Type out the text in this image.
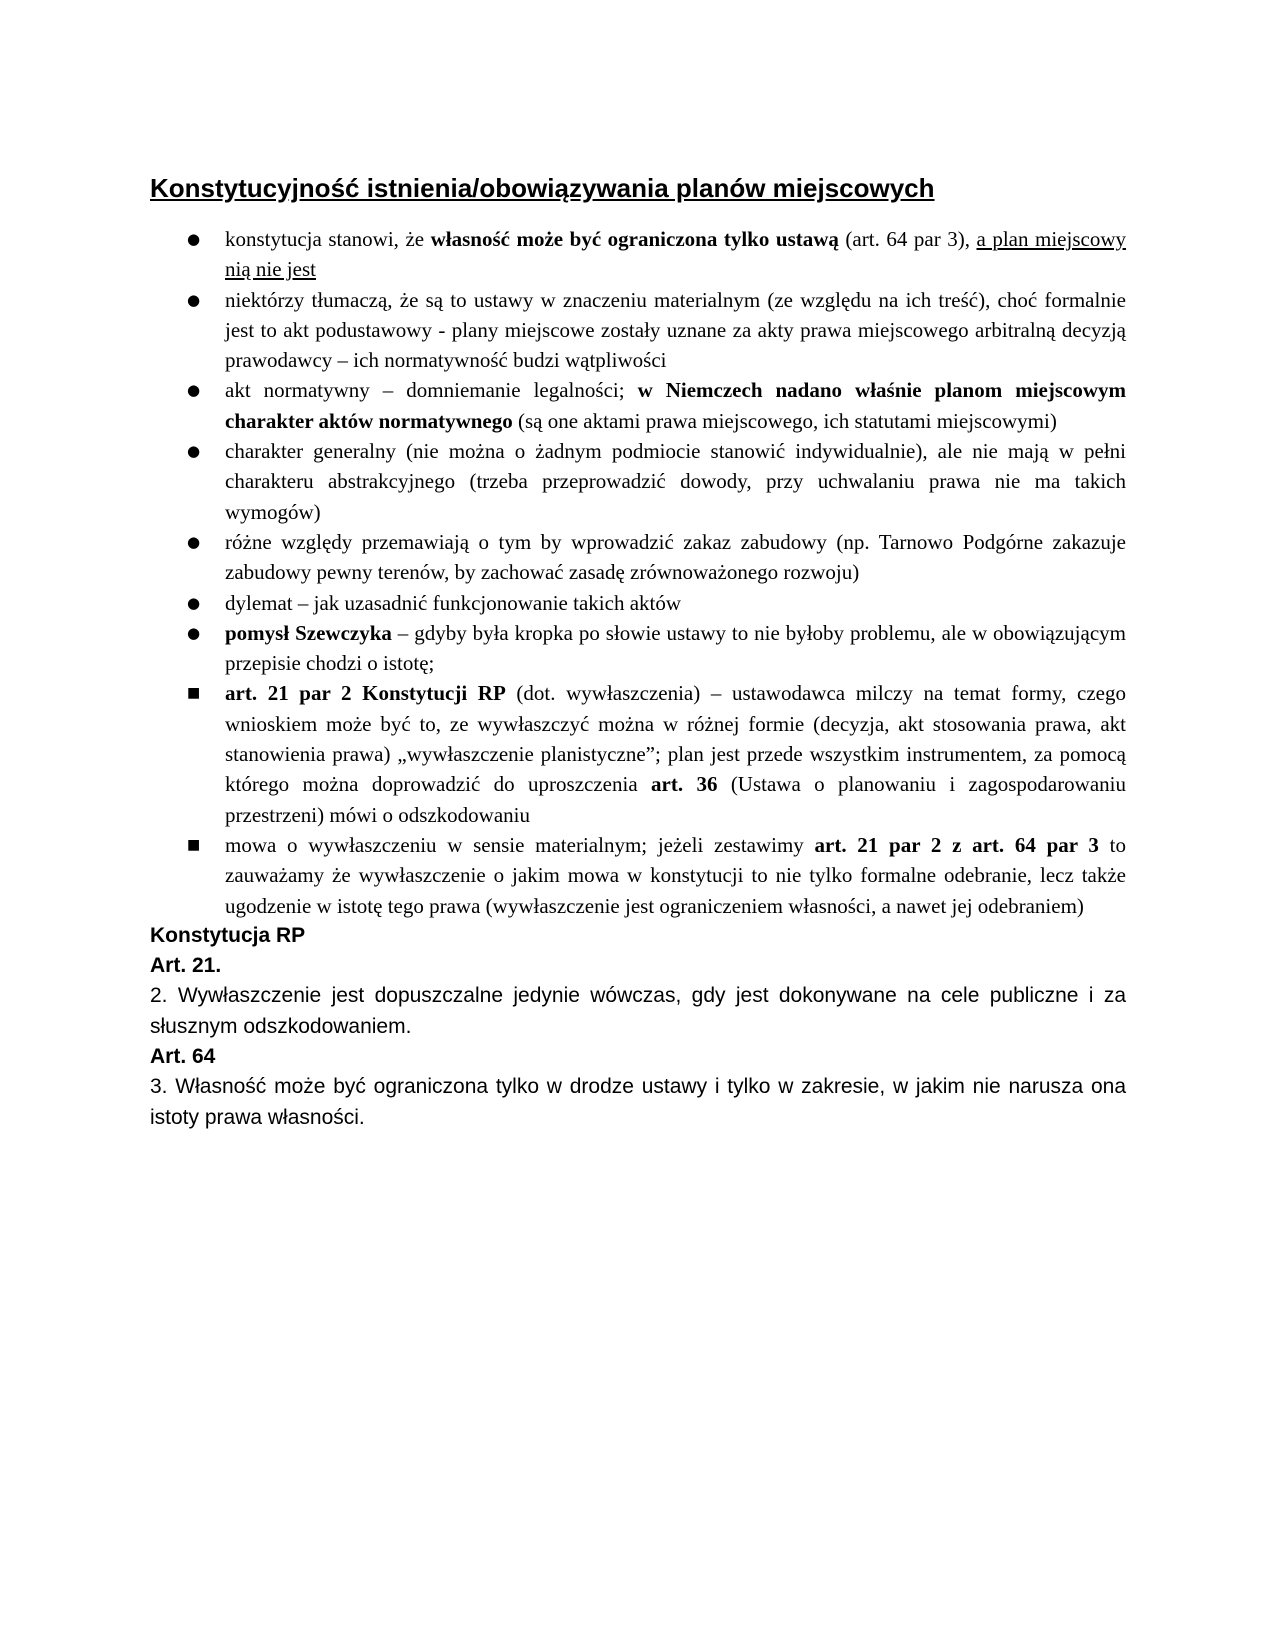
Konstytucyjność istnienia/obowiązywania planów miejscowych
● konstytucja stanowi, że własność może być ograniczona tylko ustawą (art. 64 par 3), a plan miejscowy nią nie jest
● niektórzy tłumaczą, że są to ustawy w znaczeniu materialnym (ze względu na ich treść), choć formalnie jest to akt podustawowy - plany miejscowe zostały uznane za akty prawa miejscowego arbitralną decyzją prawodawcy – ich normatywność budzi wątpliwości
● akt normatywny – domniemanie legalności; w Niemczech nadano właśnie planom miejscowym charakter aktów normatywnego (są one aktami prawa miejscowego, ich statutami miejscowymi)
● charakter generalny (nie można o żadnym podmiocie stanowić indywidualnie), ale nie mają w pełni charakteru abstrakcyjnego (trzeba przeprowadzić dowody, przy uchwalaniu prawa nie ma takich wymogów)
● różne względy przemawiają o tym by wprowadzić zakaz zabudowy (np. Tarnowo Podgórne zakazuje zabudowy pewny terenów, by zachować zasadę zrównoważonego rozwoju)
● dylemat – jak uzasadnić funkcjonowanie takich aktów
● pomysł Szewczyka – gdyby była kropka po słowie ustawy to nie byłoby problemu, ale w obowiązującym przepisie chodzi o istotę;
■ art. 21 par 2 Konstytucji RP (dot. wywłaszczenia) – ustawodawca milczy na temat formy, czego wnioskiem może być to, ze wywłaszczyć można w różnej formie (decyzja, akt stosowania prawa, akt stanowienia prawa) „wywłaszczenie planistyczne”; plan jest przede wszystkim instrumentem, za pomocą którego można doprowadzić do uproszczenia art. 36 (Ustawa o planowaniu i zagospodarowaniu przestrzeni) mówi o odszkodowaniu
■ mowa o wywłaszczeniu w sensie materialnym; jeżeli zestawimy art. 21 par 2 z art. 64 par 3 to zauważamy że wywłaszczenie o jakim mowa w konstytucji to nie tylko formalne odebranie, lecz także ugodzenie w istotę tego prawa (wywłaszczenie jest ograniczeniem własności, a nawet jej odebraniem)

Konstytucja RP

Art. 21.

2. Wywłaszczenie jest dopuszczalne jedynie wówczas, gdy jest dokonywane na cele publiczne i za słusznym odszkodowaniem.

Art. 64

3. Własność może być ograniczona tylko w drodze ustawy i tylko w zakresie, w jakim nie narusza ona istoty prawa własności.
